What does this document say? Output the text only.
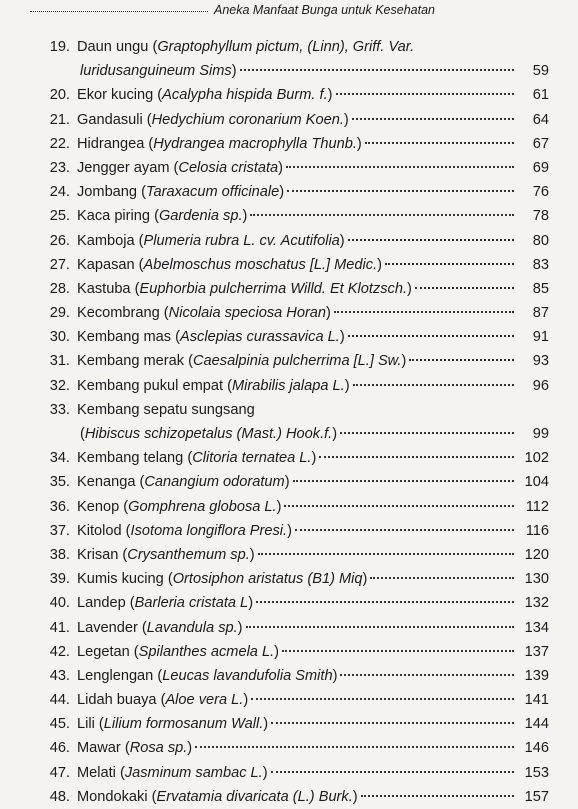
Aneka Manfaat Bunga untuk Kesehatan
19. Daun ungu ( Graptophyllum pictum, (Linn), Griff. Var.
luridusanguineum Sims )	59
20. Ekor kucing ( Acalypha hispida Burm. f. )	61
21. Gandasuli ( Hedychium coronarium Koen. )	64
22. Hidrangea ( Hydrangea macrophylla Thunb. )	67
23. Jengger ayam ( Celosia cristata )	69
24. Jombang ( Taraxacum officinale )	76
25. Kaca piring ( Gardenia sp. )	78
26. Kamboja ( Plumeria rubra L. cv. Acutifolia )	80
27. Kapasan ( Abelmoschus moschatus [L.] Medic. )	83
28. Kastuba ( Euphorbia pulcherrima Willd. Et Klotzsch. )	85
29. Kecombrang ( Nicolaia speciosa Horan )	87
30. Kembang mas ( Asclepias curassavica L. )	91
31. Kembang merak ( Caesalpinia pulcherrima [L.] Sw. )	93
32. Kembang pukul empat ( Mirabilis jalapa L. )	96
33. Kembang sepatu sungsang
( Hibiscus schizopetalus (Mast.) Hook.f. )	99
34. Kembang telang ( Clitoria ternatea L. )	102
35. Kenanga ( Canangium odoratum )	104
36. Kenop ( Gomphrena globosa L. )	112
37. Kitolod ( Isotoma longiflora Presi. )	116
38. Krisan ( Crysanthemum sp. )	120
39. Kumis kucing ( Ortosiphon aristatus (B1) Miq )	130
40. Landep ( Barleria cristata L )	132
41. Lavender ( Lavandula sp. )	134
42. Legetan ( Spilanthes acmela L. )	137
43. Lenglengan ( Leucas lavandufolia Smith )	139
44. Lidah buaya ( Aloe vera L. )	141
45. Lili ( Lilium formosanum Wall. )	144
46. Mawar ( Rosa sp. )	146
47. Melati ( Jasminum sambac L. )	153
48. Mondokaki ( Ervatamia divaricata (L.) Burk. )	157
